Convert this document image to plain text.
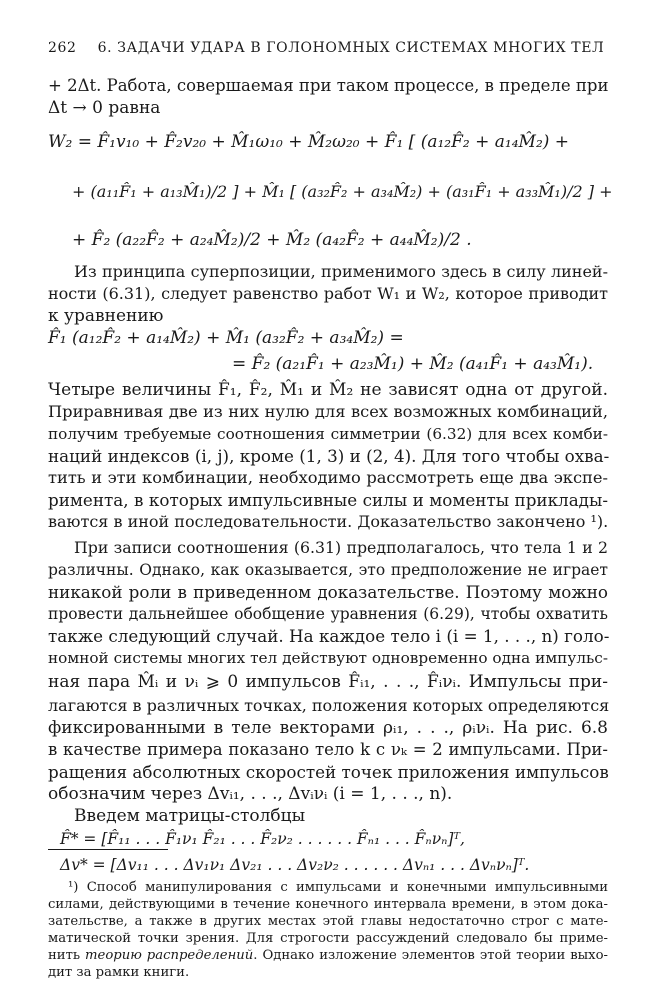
262 6. ЗАДАЧИ УДАРА В ГОЛОНОМНЫХ СИСТЕМАХ МНОГИХ ТЕЛ
+ 2Δt. Работа, совершаемая при таком процессе, в пределе при
Δt → 0 равна
W₂ = F̂₁v₁₀ + F̂₂v₂₀ + M̂₁ω₁₀ + M̂₂ω₂₀ + F̂₁ [ (a₁₂F̂₂ + a₁₄M̂₂) +
+ (a₁₁F̂₁ + a₁₃M̂₁)/2 ] + M̂₁ [ (a₃₂F̂₂ + a₃₄M̂₂) + (a₃₁F̂₁ + a₃₃M̂₁)/2 ] +
+ F̂₂ (a₂₂F̂₂ + a₂₄M̂₂)/2 + M̂₂ (a₄₂F̂₂ + a₄₄M̂₂)/2 .
Из принципа суперпозиции, применимого здесь в силу линей-
ности (6.31), следует равенство работ W₁ и W₂, которое приводит
к уравнению
F̂₁ (a₁₂F̂₂ + a₁₄M̂₂) + M̂₁ (a₃₂F̂₂ + a₃₄M̂₂) =
= F̂₂ (a₂₁F̂₁ + a₂₃M̂₁) + M̂₂ (a₄₁F̂₁ + a₄₃M̂₁).
Четыре величины F̂₁, F̂₂, M̂₁ и M̂₂ не зависят одна от другой.
Приравнивая две из них нулю для всех возможных комбинаций,
получим требуемые соотношения симметрии (6.32) для всех комби-
наций индексов (i, j), кроме (1, 3) и (2, 4). Для того чтобы охва-
тить и эти комбинации, необходимо рассмотреть еще два экспе-
римента, в которых импульсивные силы и моменты приклады-
ваются в иной последовательности. Доказательство закончено ¹).
При записи соотношения (6.31) предполагалось, что тела 1 и 2
различны. Однако, как оказывается, это предположение не играет
никакой роли в приведенном доказательстве. Поэтому можно
провести дальнейшее обобщение уравнения (6.29), чтобы охватить
также следующий случай. На каждое тело i (i = 1, . . ., n) голо-
номной системы многих тел действуют одновременно одна импульс-
ная пара M̂ᵢ и νᵢ ⩾ 0 импульсов F̂ᵢ₁, . . ., F̂ᵢνᵢ. Импульсы при-
лагаются в различных точках, положения которых определяются
фиксированными в теле векторами ρᵢ₁, . . ., ρᵢνᵢ. На рис. 6.8
в качестве примера показано тело k с νₖ = 2 импульсами. При-
ращения абсолютных скоростей точек приложения импульсов
обозначим через Δvᵢ₁, . . ., Δvᵢνᵢ (i = 1, . . ., n).
Введем матрицы-столбцы
F̂* = [F̂₁₁ . . . F̂₁ν₁ F̂₂₁ . . . F̂₂ν₂ . . . . . . F̂ₙ₁ . . . F̂ₙνₙ]ᵀ,
Δv* = [Δv₁₁ . . . Δv₁ν₁ Δv₂₁ . . . Δv₂ν₂ . . . . . . Δvₙ₁ . . . Δvₙνₙ]ᵀ.
¹) Способ манипулирования с импульсами и конечными импульсивными
силами, действующими в течение конечного интервала времени, в этом дока-
зательстве, а также в других местах этой главы недостаточно строг с мате-
матической точки зрения. Для строгости рассуждений следовало бы приме-
нить теорию распределений. Однако изложение элементов этой теории выхо-
дит за рамки книги.
